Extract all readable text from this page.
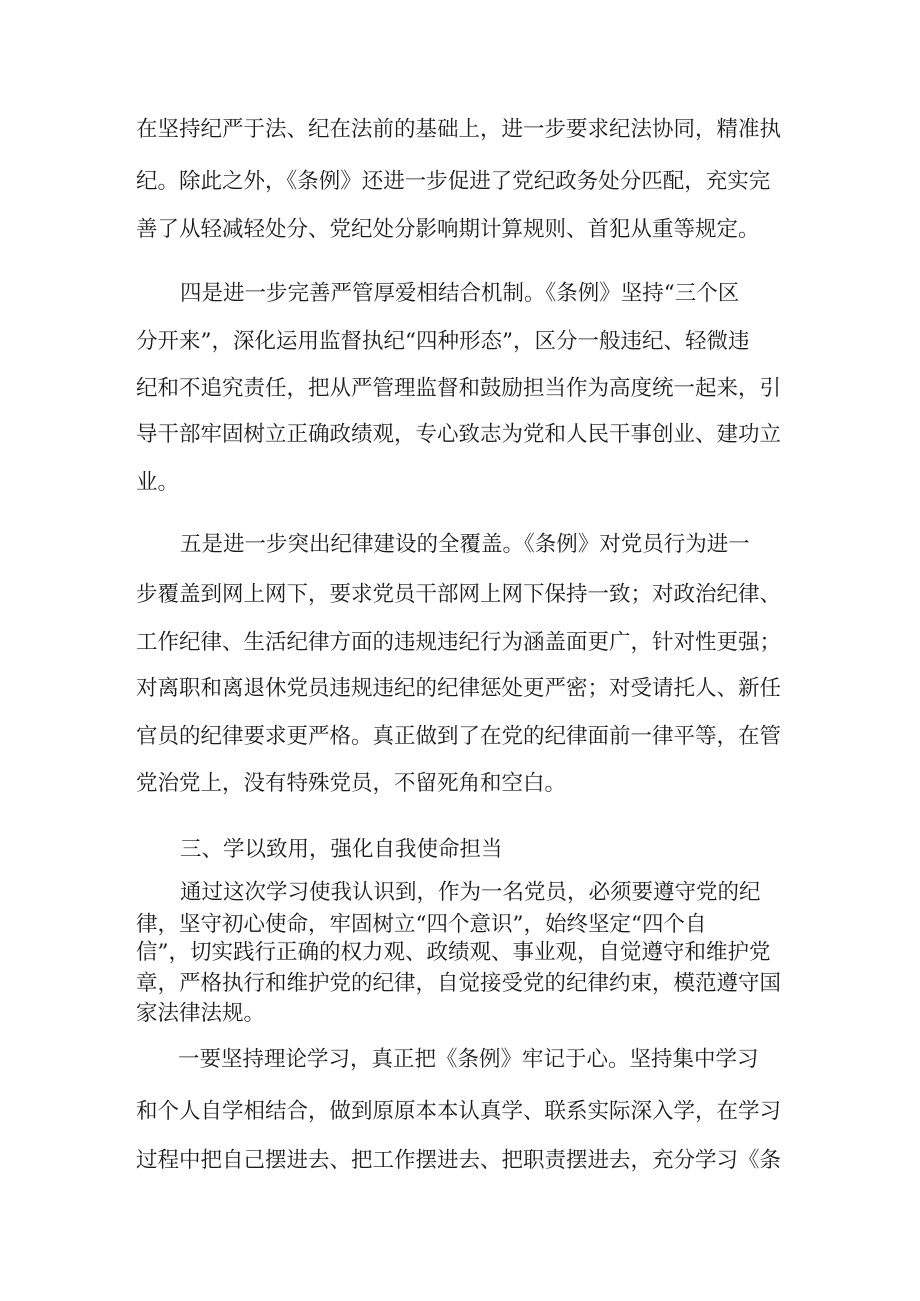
在坚持纪严于法、纪在法前的基础上，进一步要求纪法协同，精准执
纪。除此之外，《条例》还进一步促进了党纪政务处分匹配，充实完
善了从轻减轻处分、党纪处分影响期计算规则、首犯从重等规定。
四是进一步完善严管厚爱相结合机制。《条例》坚持“三个区
分开来”，深化运用监督执纪“四种形态”，区分一般违纪、轻微违
纪和不追究责任，把从严管理监督和鼓励担当作为高度统一起来，引
导干部牢固树立正确政绩观，专心致志为党和人民干事创业、建功立
业。
五是进一步突出纪律建设的全覆盖。《条例》对党员行为进一
步覆盖到网上网下，要求党员干部网上网下保持一致；对政治纪律、
工作纪律、生活纪律方面的违规违纪行为涵盖面更广，针对性更强；
对离职和离退休党员违规违纪的纪律惩处更严密；对受请托人、新任
官员的纪律要求更严格。真正做到了在党的纪律面前一律平等，在管
党治党上，没有特殊党员，不留死角和空白。
三、学以致用，强化自我使命担当
通过这次学习使我认识到，作为一名党员，必须要遵守党的纪
律，坚守初心使命，牢固树立“四个意识”，始终坚定“四个自
信”，切实践行正确的权力观、政绩观、事业观，自觉遵守和维护党
章，严格执行和维护党的纪律，自觉接受党的纪律约束，模范遵守国
家法律法规。
一要坚持理论学习，真正把《条例》牢记于心。坚持集中学习
和个人自学相结合，做到原原本本认真学、联系实际深入学，在学习
过程中把自己摆进去、把工作摆进去、把职责摆进去，充分学习《条
